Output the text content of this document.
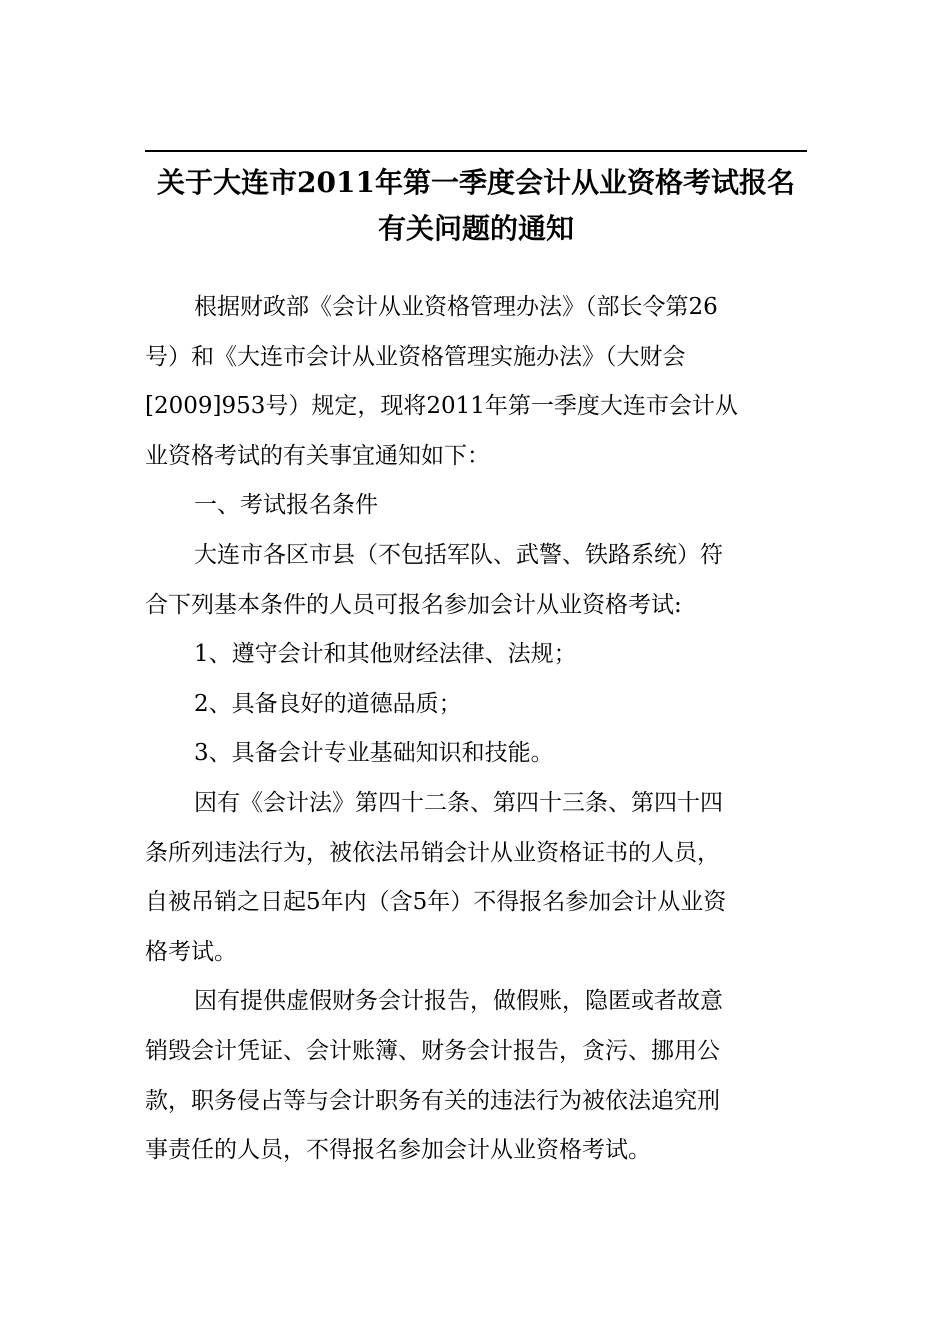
关于大连市2011年第一季度会计从业资格考试报名
有关问题的通知
根据财政部《会计从业资格管理办法》（部长令第26
号）和《大连市会计从业资格管理实施办法》（大财会
[2009]953号）规定，现将2011年第一季度大连市会计从
业资格考试的有关事宜通知如下：
一、考试报名条件
大连市各区市县（不包括军队、武警、铁路系统）符
合下列基本条件的人员可报名参加会计从业资格考试:
1、遵守会计和其他财经法律、法规；
2、具备良好的道德品质；
3、具备会计专业基础知识和技能。
因有《会计法》第四十二条、第四十三条、第四十四
条所列违法行为，被依法吊销会计从业资格证书的人员，
自被吊销之日起5年内（含5年）不得报名参加会计从业资
格考试。
因有提供虚假财务会计报告，做假账，隐匿或者故意
销毁会计凭证、会计账簿、财务会计报告，贪污、挪用公
款，职务侵占等与会计职务有关的违法行为被依法追究刑
事责任的人员，不得报名参加会计从业资格考试。
